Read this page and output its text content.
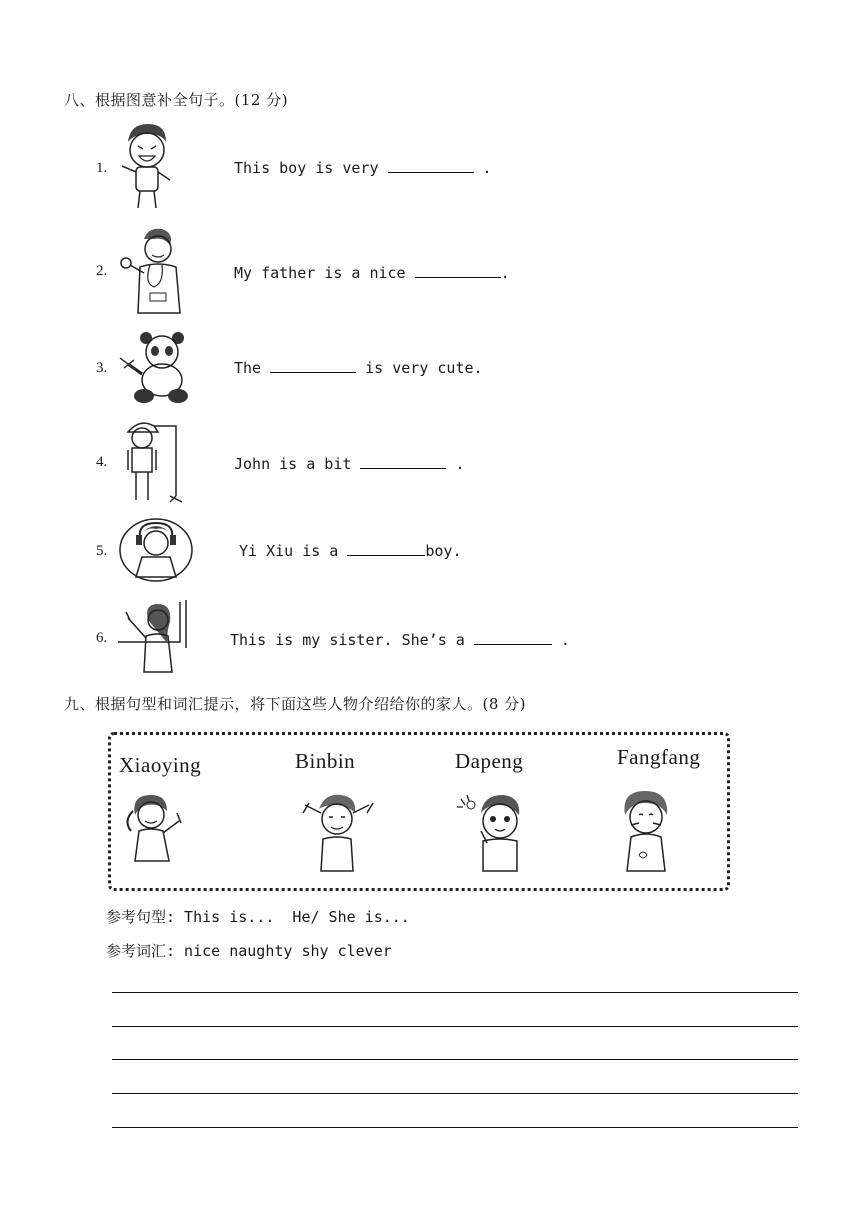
八、根据图意补全句子。(12 分)
1.	This boy is very	.
2.	My father is a nice	.
3.	The	is very cute.
4.	John is a bit	.
5.	Yi Xiu is a	boy.
6.	This is my sister. She’s a	.
九、根据句型和词汇提示，将下面这些人物介绍给你的家人。(8 分)
Xiaoying	Binbin	Dapeng	Fangfang
参考句型: This is...  He/ She is...
参考词汇: nice naughty shy clever
